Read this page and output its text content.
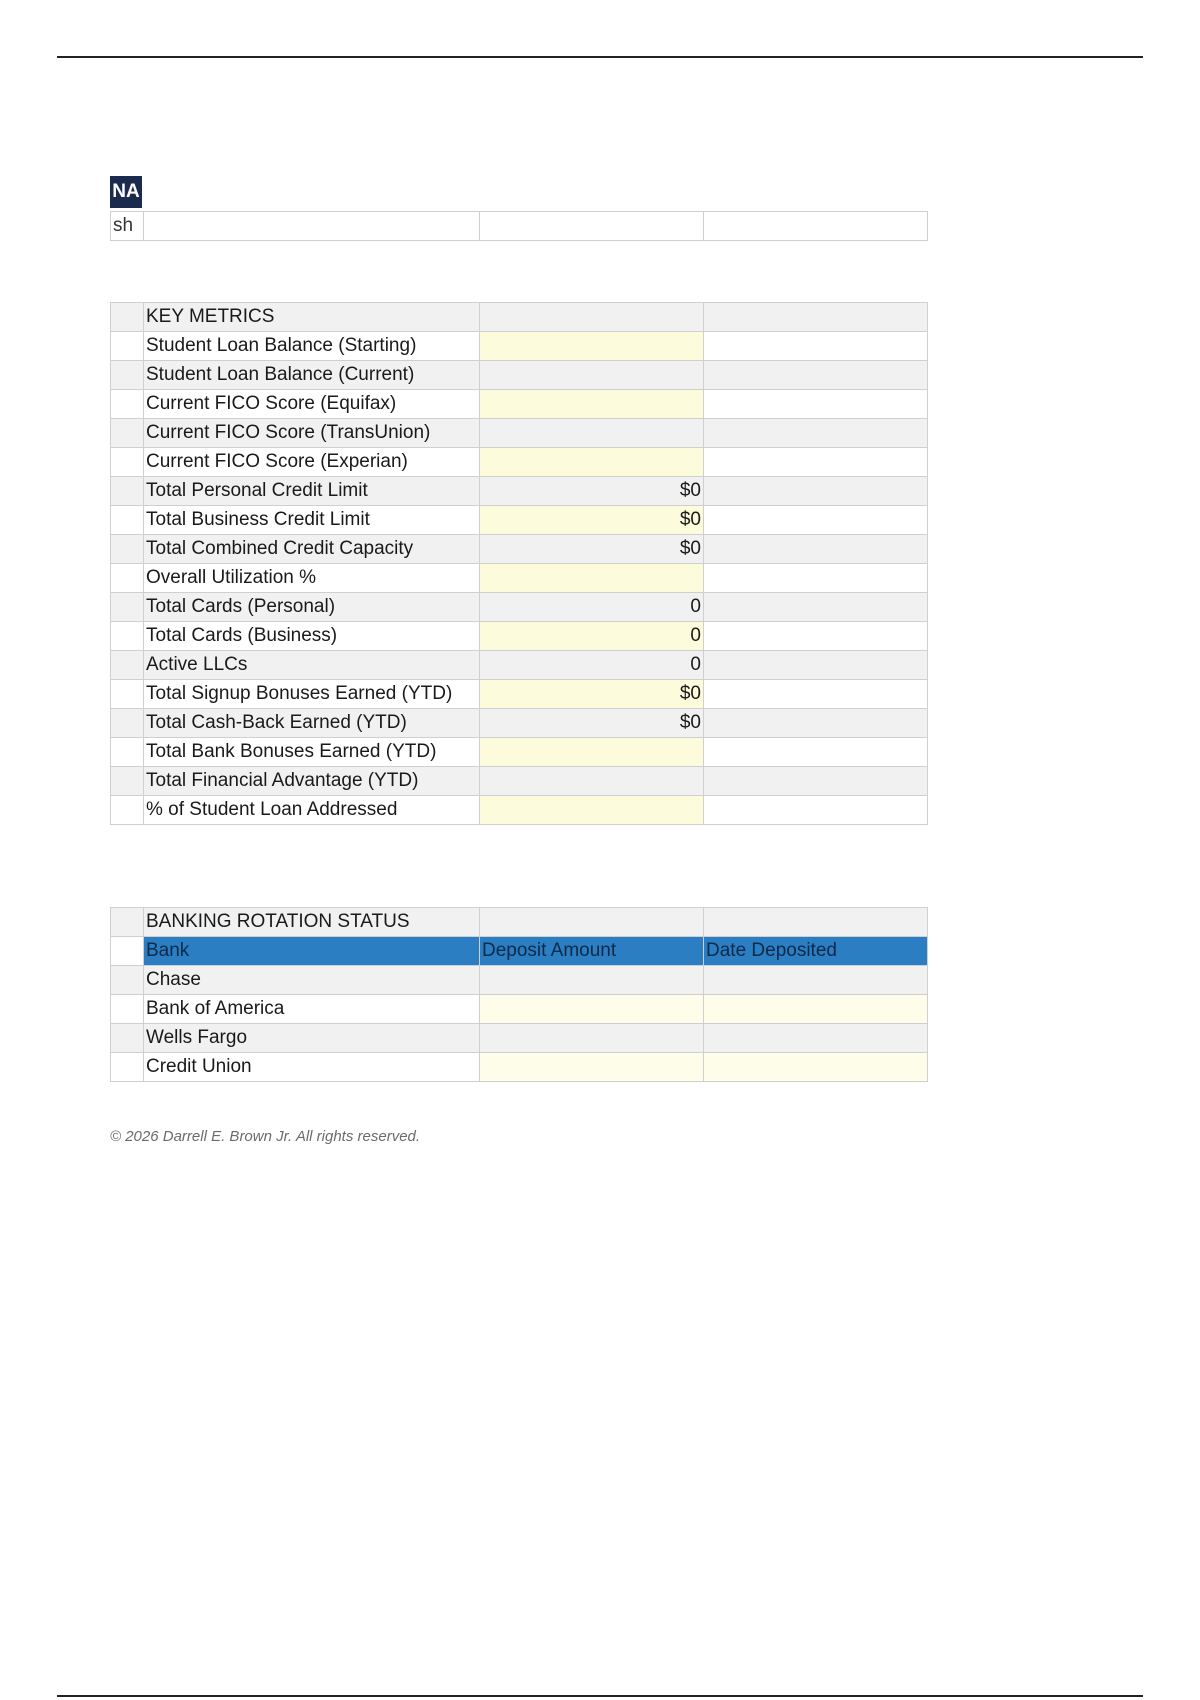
NA
sh			
	KEY METRICS		
	Student Loan Balance (Starting)		
	Student Loan Balance (Current)		
	Current FICO Score (Equifax)		
	Current FICO Score (TransUnion)		
	Current FICO Score (Experian)		
	Total Personal Credit Limit	$0	
	Total Business Credit Limit	$0	
	Total Combined Credit Capacity	$0	
	Overall Utilization %		
	Total Cards (Personal)	0	
	Total Cards (Business)	0	
	Active LLCs	0	
	Total Signup Bonuses Earned (YTD)	$0	
	Total Cash-Back Earned (YTD)	$0	
	Total Bank Bonuses Earned (YTD)		
	Total Financial Advantage (YTD)		
	% of Student Loan Addressed		
	BANKING ROTATION STATUS		
	Bank	Deposit Amount	Date Deposited
	Chase		
	Bank of America		
	Wells Fargo		
	Credit Union		
© 2026 Darrell E. Brown Jr. All rights reserved.
